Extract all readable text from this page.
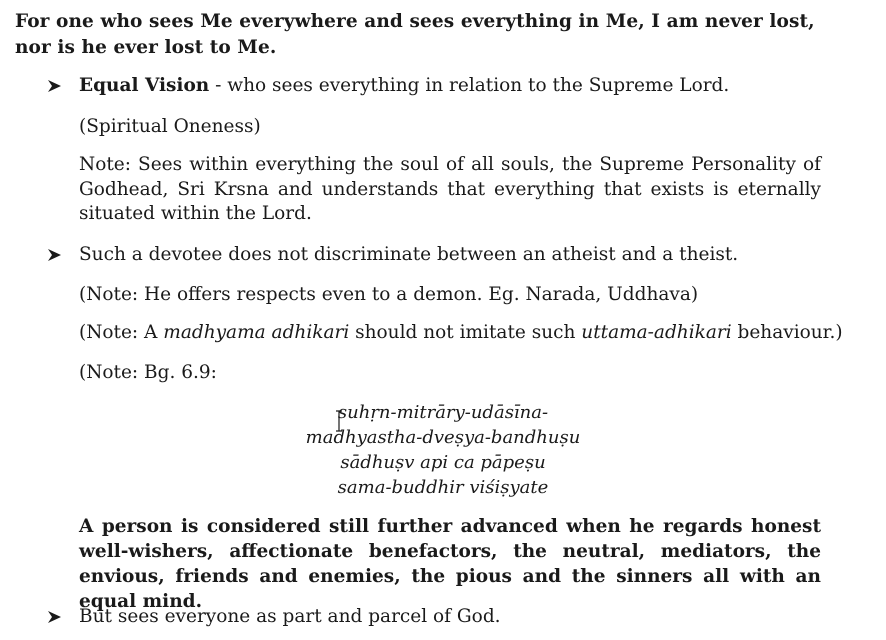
For one who sees Me everywhere and sees everything in Me, I am never lost, nor is he ever lost to Me.
Equal Vision - who sees everything in relation to the Supreme Lord.
(Spiritual Oneness)
Note: Sees within everything the soul of all souls, the Supreme Personality of Godhead, Sri Krsna and understands that everything that exists is eternally situated within the Lord.
Such a devotee does not discriminate between an atheist and a theist.
(Note: He offers respects even to a demon. Eg. Narada, Uddhava)
(Note: A madhyama adhikari should not imitate such uttama-adhikari behaviour.)
(Note: Bg. 6.9:
suhṛn-mitrāry-udāsīna-
madhyastha-dveṣya-bandhuṣu
sādhuṣv api ca pāpeṣu
sama-buddhir viśiṣyate
A person is considered still further advanced when he regards honest well-wishers, affectionate benefactors, the neutral, mediators, the envious, friends and enemies, the pious and the sinners all with an equal mind.
But sees everyone as part and parcel of God.
